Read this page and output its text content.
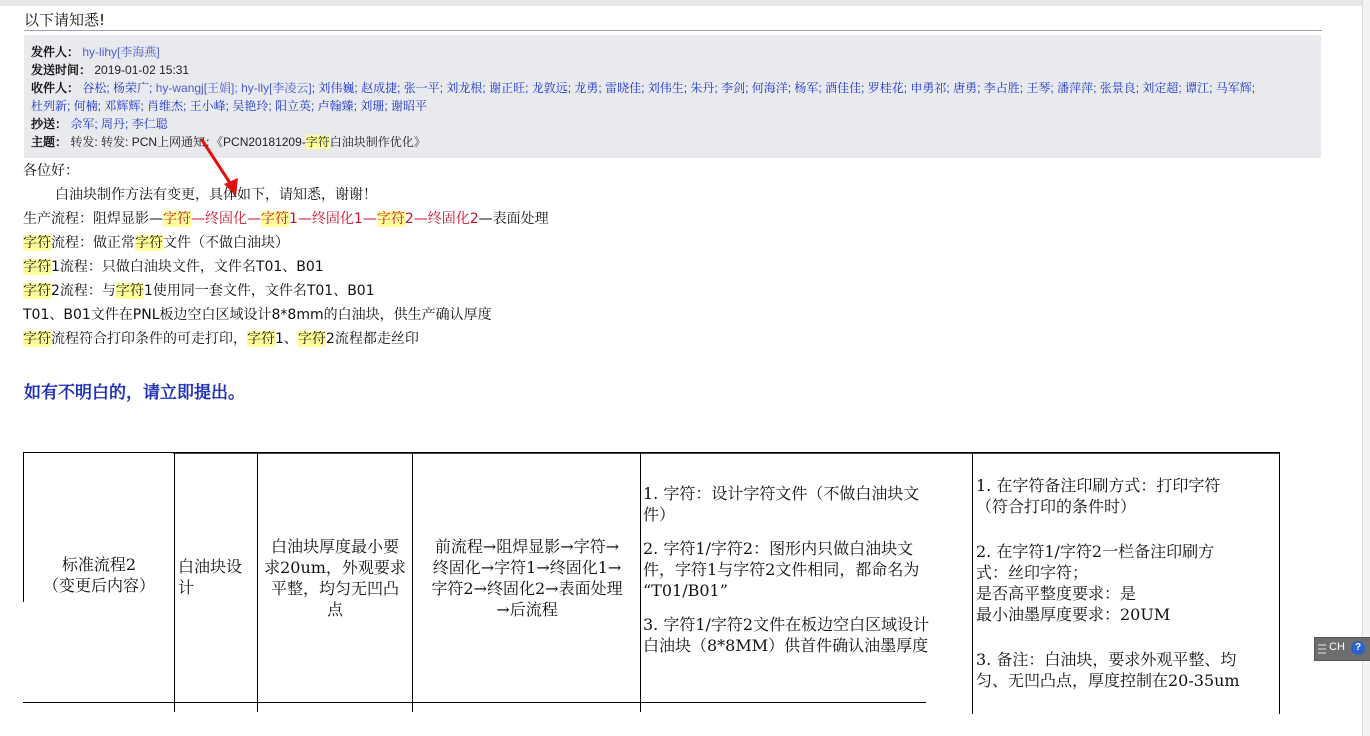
以下请知悉!
发件人： hy-lihy[李海燕]
发送时间： 2019-01-02 15:31
收件人： 谷松; 杨荣广; hy-wangj[王娟]; hy-lly[李凌云]; 刘伟巍; 赵成捷; 张一平; 刘龙根; 谢正旺; 龙敦远; 龙勇; 雷晓佳; 刘伟生; 朱丹; 李剑; 何海洋; 杨军; 酒佳佳; 罗桂花; 申勇祁; 唐勇; 李占胜; 王琴; 潘萍萍; 张景良; 刘定超; 谭江; 马军辉;
杜列新; 何楠; 邓辉辉; 肖维杰; 王小峰; 吴艳玲; 阳立英; 卢翰臻; 刘珊; 谢昭平
抄送： 佘军; 周丹; 李仁聪
主题： 转发: 转发: PCN上网通知：《PCN20181209-字符白油块制作优化》
各位好：
白油块制作方法有变更，具体如下，请知悉，谢谢！
生产流程：阻焊显影—字符—终固化—字符1—终固化1—字符2—终固化2—表面处理
字符流程：做正常字符文件（不做白油块）
字符1流程：只做白油块文件，文件名T01、B01
字符2流程：与字符1使用同一套文件，文件名T01、B01
T01、B01文件在PNL板边空白区域设计8*8mm的白油块，供生产确认厚度
字符流程符合打印条件的可走打印，字符1、字符2流程都走丝印
如有不明白的，请立即提出。
标准流程2
（变更后内容）
白油块设
计
白油块厚度最小要
求20um，外观要求
平整，均匀无凹凸
点
前流程→阻焊显影→字符→
终固化→字符1→终固化1→
字符2→终固化2→表面处理
→后流程
1. 字符：设计字符文件（不做白油块文
件）
2. 字符1/字符2：图形内只做白油块文
件，字符1与字符2文件相同，都命名为
“T01/B01”
3. 字符1/字符2文件在板边空白区域设计
白油块（8*8MM）供首件确认油墨厚度
1. 在字符备注印刷方式：打印字符
（符合打印的条件时）
2. 在字符1/字符2一栏备注印刷方
式：丝印字符；
是否高平整度要求：是
最小油墨厚度要求：20UM
3. 备注：白油块，要求外观平整、均
匀、无凹凸点，厚度控制在20-35um
CH	?
